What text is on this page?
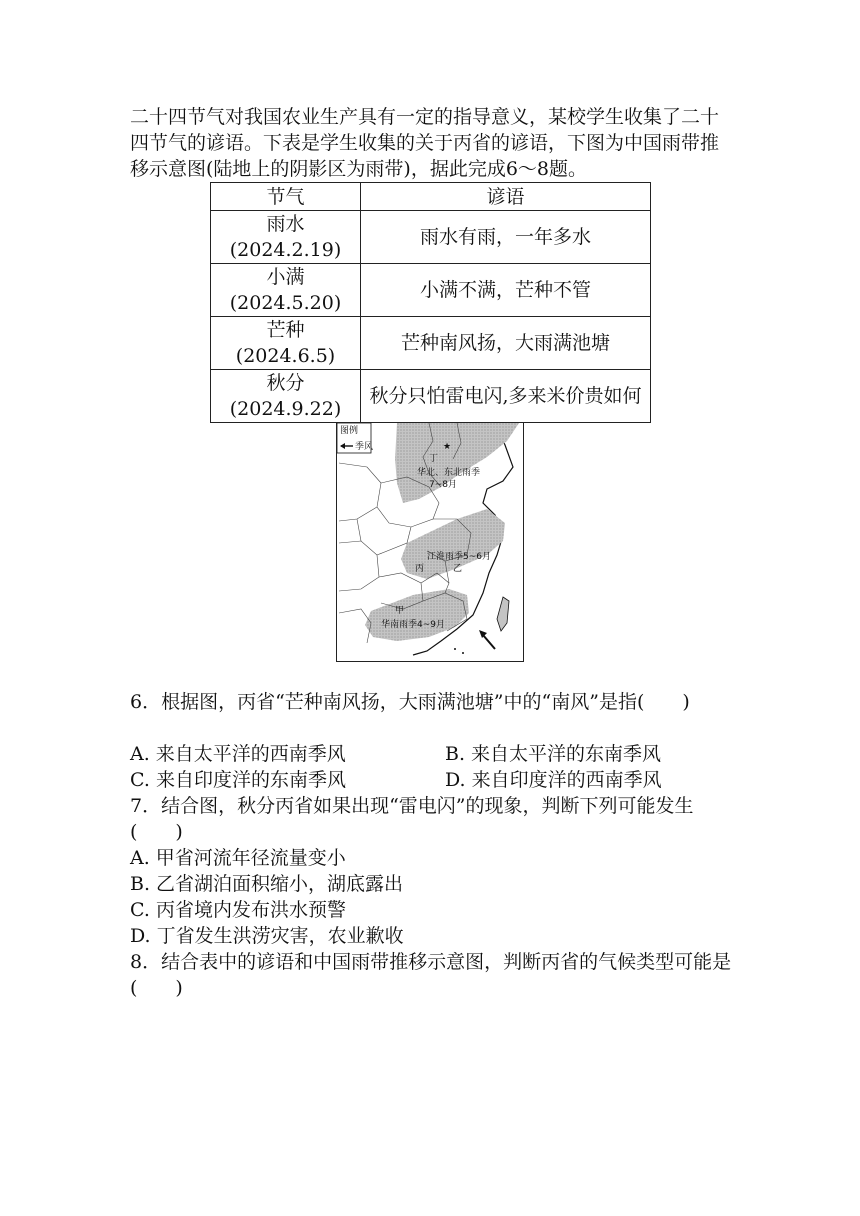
二十四节气对我国农业生产具有一定的指导意义，某校学生收集了二十四节气的谚语。下表是学生收集的关于丙省的谚语，下图为中国雨带推移示意图(陆地上的阴影区为雨带)，据此完成6～8题。

节气	谚语

雨水
(2024.2.19)	雨水有雨，一年多水

小满
(2024.5.20)	小满不满，芒种不管

芒种
(2024.6.5)	芒种南风扬，大雨满池塘

秋分
(2024.9.22)	秋分只怕雷电闪,多来米价贵如何
★
图例
季风
丁
华北、东北雨季
7~8月
江淮雨季5~6月
丙	乙
甲
华南雨季4~9月

6．根据图，丙省“芒种南风扬，大雨满池塘”中的“南风”是指(　　)

A. 来自太平洋的西南季风	B. 来自太平洋的东南季风
C. 来自印度洋的东南季风	D. 来自印度洋的西南季风

7．结合图，秋分丙省如果出现“雷电闪”的现象，判断下列可能发生(　　)

A. 甲省河流年径流量变小
B. 乙省湖泊面积缩小，湖底露出
C. 丙省境内发布洪水预警
D. 丁省发生洪涝灾害，农业歉收

8．结合表中的谚语和中国雨带推移示意图，判断丙省的气候类型可能是(　　)
